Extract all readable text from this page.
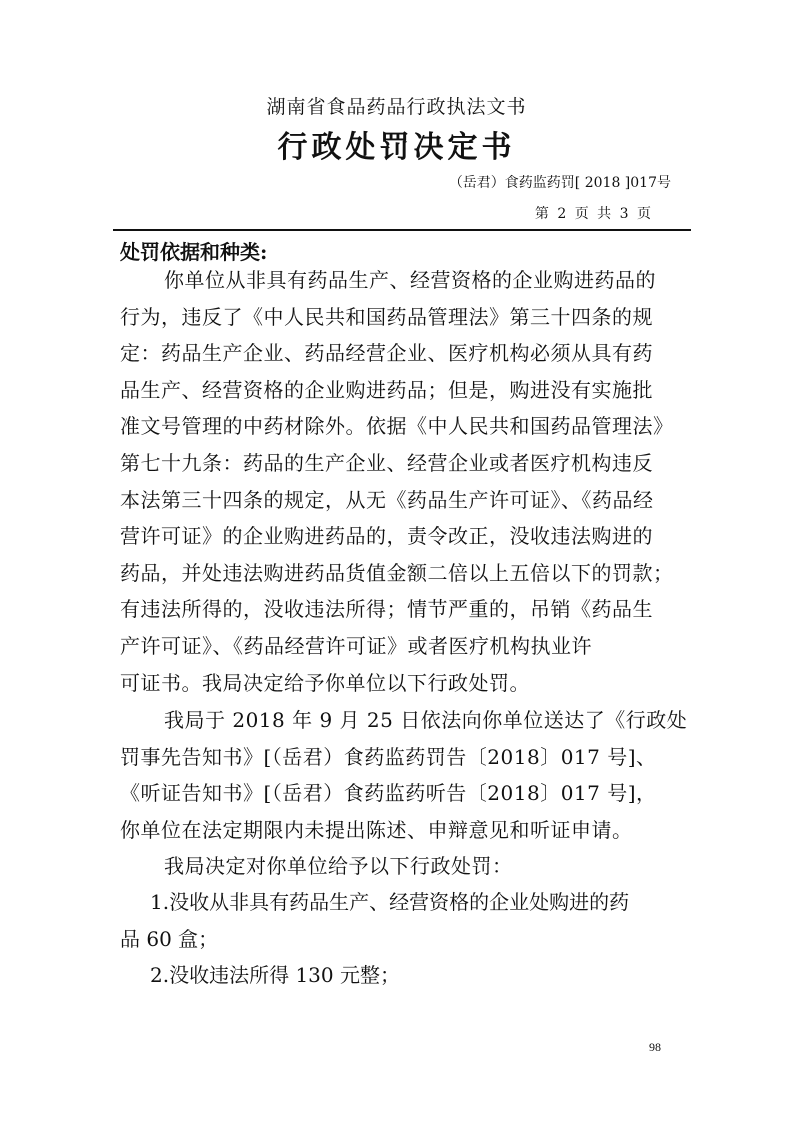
湖南省食品药品行政执法文书
行政处罚决定书
（岳君）食药监药罚[ 2018 ]017号
第 2 页 共 3 页
处罚依据和种类:
你单位从非具有药品生产、经营资格的企业购进药品的
行为，违反了《中人民共和国药品管理法》第三十四条的规
定：药品生产企业、药品经营企业、医疗机构必须从具有药
品生产、经营资格的企业购进药品；但是，购进没有实施批
准文号管理的中药材除外。依据《中人民共和国药品管理法》
第七十九条：药品的生产企业、经营企业或者医疗机构违反
本法第三十四条的规定，从无《药品生产许可证》、《药品经
营许可证》的企业购进药品的，责令改正，没收违法购进的
药品，并处违法购进药品货值金额二倍以上五倍以下的罚款；
有违法所得的，没收违法所得；情节严重的，吊销《药品生
产许可证》、《药品经营许可证》或者医疗机构执业许
可证书。我局决定给予你单位以下行政处罚。
我局于 2018 年 9 月 25 日依法向你单位送达了《行政处
罚事先告知书》[（岳君）食药监药罚告〔2018〕017 号]、
《听证告知书》[（岳君）食药监药听告〔2018〕017 号]，
你单位在法定期限内未提出陈述、申辩意见和听证申请。
我局决定对你单位给予以下行政处罚：
1.没收从非具有药品生产、经营资格的企业处购进的药
品 60 盒；
2.没收违法所得 130 元整；
98
